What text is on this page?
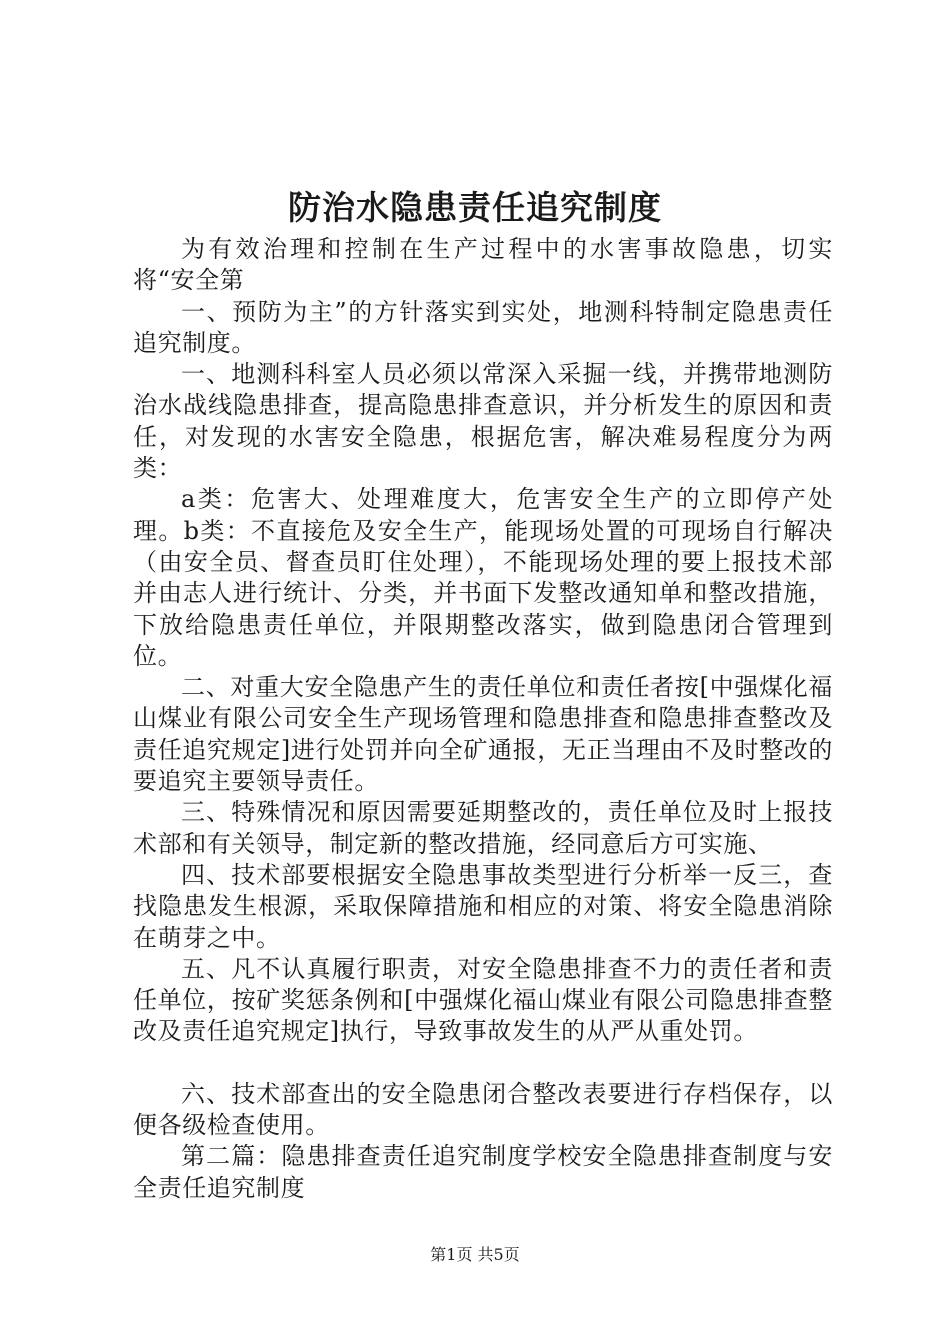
防治水隐患责任追究制度

为有效治理和控制在生产过程中的水害事故隐患，切实将“安全第

一、预防为主”的方针落实到实处，地测科特制定隐患责任追究制度。

一、地测科科室人员必须以常深入采掘一线，并携带地测防治水战线隐患排查，提高隐患排查意识，并分析发生的原因和责任，对发现的水害安全隐患，根据危害，解决难易程度分为两类：

a类：危害大、处理难度大，危害安全生产的立即停产处理。b类：不直接危及安全生产，能现场处置的可现场自行解决（由安全员、督查员盯住处理），不能现场处理的要上报技术部并由志人进行统计、分类，并书面下发整改通知单和整改措施，下放给隐患责任单位，并限期整改落实，做到隐患闭合管理到位。

二、对重大安全隐患产生的责任单位和责任者按[中强煤化福山煤业有限公司安全生产现场管理和隐患排查和隐患排查整改及责任追究规定]进行处罚并向全矿通报，无正当理由不及时整改的要追究主要领导责任。

三、特殊情况和原因需要延期整改的，责任单位及时上报技术部和有关领导，制定新的整改措施，经同意后方可实施、

四、技术部要根据安全隐患事故类型进行分析举一反三，查找隐患发生根源，采取保障措施和相应的对策、将安全隐患消除在萌芽之中。

五、凡不认真履行职责，对安全隐患排查不力的责任者和责任单位，按矿奖惩条例和[中强煤化福山煤业有限公司隐患排查整改及责任追究规定]执行，导致事故发生的从严从重处罚。

六、技术部查出的安全隐患闭合整改表要进行存档保存，以便各级检查使用。

第二篇：隐患排查责任追究制度学校安全隐患排查制度与安全责任追究制度

第1页 共5页
